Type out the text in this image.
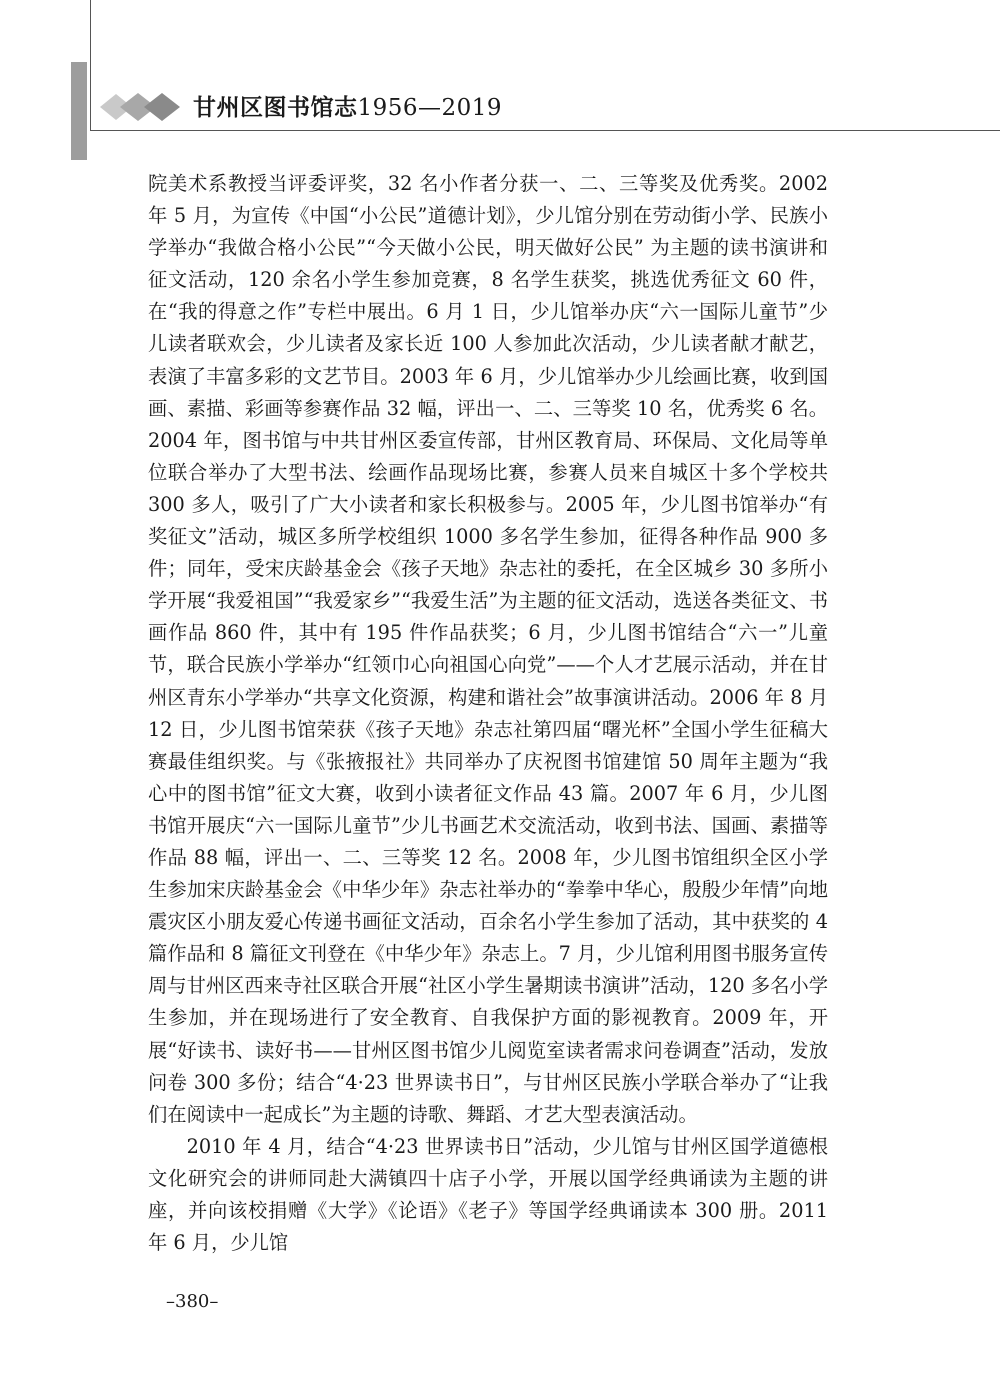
甘州区图书馆志1956—2019

院美术系教授当评委评奖，32 名小作者分获一、二、三等奖及优秀奖。2002 年 5 月，为宣传《中国“小公民”道德计划》，少儿馆分别在劳动街小学、民族小学举办“我做合格小公民”“今天做小公民，明天做好公民” 为主题的读书演讲和征文活动，120 余名小学生参加竞赛，8 名学生获奖，挑选优秀征文 60 件，在“我的得意之作”专栏中展出。6 月 1 日，少儿馆举办庆“六一国际儿童节”少儿读者联欢会，少儿读者及家长近 100 人参加此次活动，少儿读者献才献艺，表演了丰富多彩的文艺节目。2003 年 6 月，少儿馆举办少儿绘画比赛，收到国画、素描、彩画等参赛作品 32 幅，评出一、二、三等奖 10 名，优秀奖 6 名。2004 年，图书馆与中共甘州区委宣传部，甘州区教育局、环保局、文化局等单位联合举办了大型书法、绘画作品现场比赛，参赛人员来自城区十多个学校共 300 多人，吸引了广大小读者和家长积极参与。2005 年，少儿图书馆举办“有奖征文”活动，城区多所学校组织 1000 多名学生参加，征得各种作品 900 多件；同年，受宋庆龄基金会《孩子天地》杂志社的委托，在全区城乡 30 多所小学开展“我爱祖国”“我爱家乡”“我爱生活”为主题的征文活动，选送各类征文、书画作品 860 件，其中有 195 件作品获奖；6 月，少儿图书馆结合“六一”儿童节，联合民族小学举办“红领巾心向祖国心向党”——个人才艺展示活动，并在甘州区青东小学举办“共享文化资源，构建和谐社会”故事演讲活动。2006 年 8 月 12 日，少儿图书馆荣获《孩子天地》杂志社第四届“曙光杯”全国小学生征稿大赛最佳组织奖。与《张掖报社》共同举办了庆祝图书馆建馆 50 周年主题为“我心中的图书馆”征文大赛，收到小读者征文作品 43 篇。2007 年 6 月，少儿图书馆开展庆“六一国际儿童节”少儿书画艺术交流活动，收到书法、国画、素描等作品 88 幅，评出一、二、三等奖 12 名。2008 年，少儿图书馆组织全区小学生参加宋庆龄基金会《中华少年》杂志社举办的“拳拳中华心，殷殷少年情”向地震灾区小朋友爱心传递书画征文活动，百余名小学生参加了活动，其中获奖的 4 篇作品和 8 篇征文刊登在《中华少年》杂志上。7 月，少儿馆利用图书服务宣传周与甘州区西来寺社区联合开展“社区小学生暑期读书演讲”活动，120 多名小学生参加，并在现场进行了安全教育、自我保护方面的影视教育。2009 年，开展“好读书、读好书——甘州区图书馆少儿阅览室读者需求问卷调查”活动，发放问卷 300 多份；结合“4·23 世界读书日”，与甘州区民族小学联合举办了“让我们在阅读中一起成长”为主题的诗歌、舞蹈、才艺大型表演活动。

2010 年 4 月，结合“4·23 世界读书日”活动，少儿馆与甘州区国学道德根文化研究会的讲师同赴大满镇四十店子小学，开展以国学经典诵读为主题的讲座，并向该校捐赠《大学》《论语》《老子》等国学经典诵读本 300 册。2011 年 6 月，少儿馆

–380–
